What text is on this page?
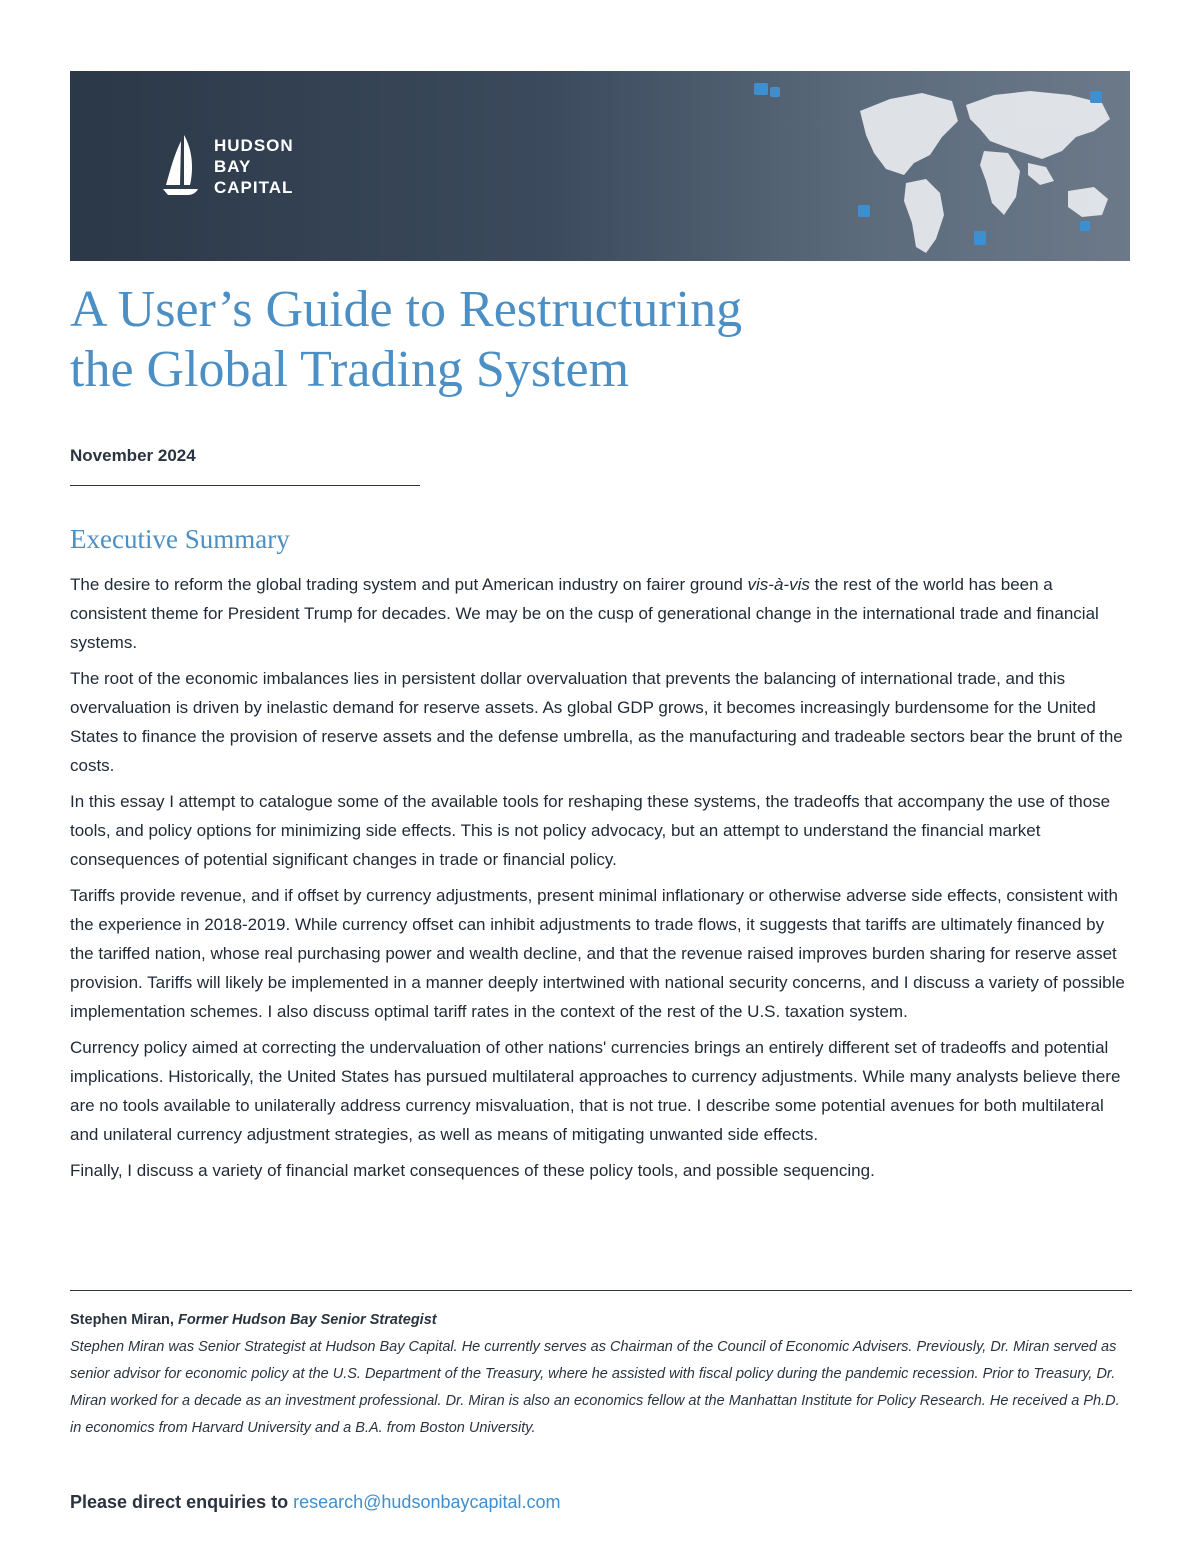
HUDSON
BAY
CAPITAL
A User’s Guide to Restructuring
the Global Trading System
November 2024
Executive Summary

The desire to reform the global trading system and put American industry on fairer ground vis-à-vis the rest of the world has been a consistent theme for President Trump for decades. We may be on the cusp of generational change in the international trade and financial systems.

The root of the economic imbalances lies in persistent dollar overvaluation that prevents the balancing of international trade, and this overvaluation is driven by inelastic demand for reserve assets. As global GDP grows, it becomes increasingly burdensome for the United States to finance the provision of reserve assets and the defense umbrella, as the manufacturing and tradeable sectors bear the brunt of the costs.

In this essay I attempt to catalogue some of the available tools for reshaping these systems, the tradeoffs that accompany the use of those tools, and policy options for minimizing side effects. This is not policy advocacy, but an attempt to understand the financial market consequences of potential significant changes in trade or financial policy.

Tariffs provide revenue, and if offset by currency adjustments, present minimal inflationary or otherwise adverse side effects, consistent with the experience in 2018-2019. While currency offset can inhibit adjustments to trade flows, it suggests that tariffs are ultimately financed by the tariffed nation, whose real purchasing power and wealth decline, and that the revenue raised improves burden sharing for reserve asset provision. Tariffs will likely be implemented in a manner deeply intertwined with national security concerns, and I discuss a variety of possible implementation schemes. I also discuss optimal tariff rates in the context of the rest of the U.S. taxation system.

Currency policy aimed at correcting the undervaluation of other nations' currencies brings an entirely different set of tradeoffs and potential implications. Historically, the United States has pursued multilateral approaches to currency adjustments. While many analysts believe there are no tools available to unilaterally address currency misvaluation, that is not true. I describe some potential avenues for both multilateral and unilateral currency adjustment strategies, as well as means of mitigating unwanted side effects.

Finally, I discuss a variety of financial market consequences of these policy tools, and possible sequencing.

Stephen Miran, Former Hudson Bay Senior Strategist
Stephen Miran was Senior Strategist at Hudson Bay Capital. He currently serves as Chairman of the Council of Economic Advisers. Previously, Dr. Miran served as senior advisor for economic policy at the U.S. Department of the Treasury, where he assisted with fiscal policy during the pandemic recession. Prior to Treasury, Dr. Miran worked for a decade as an investment professional. Dr. Miran is also an economics fellow at the Manhattan Institute for Policy Research. He received a Ph.D. in economics from Harvard University and a B.A. from Boston University.
Please direct enquiries to research@hudsonbaycapital.com
